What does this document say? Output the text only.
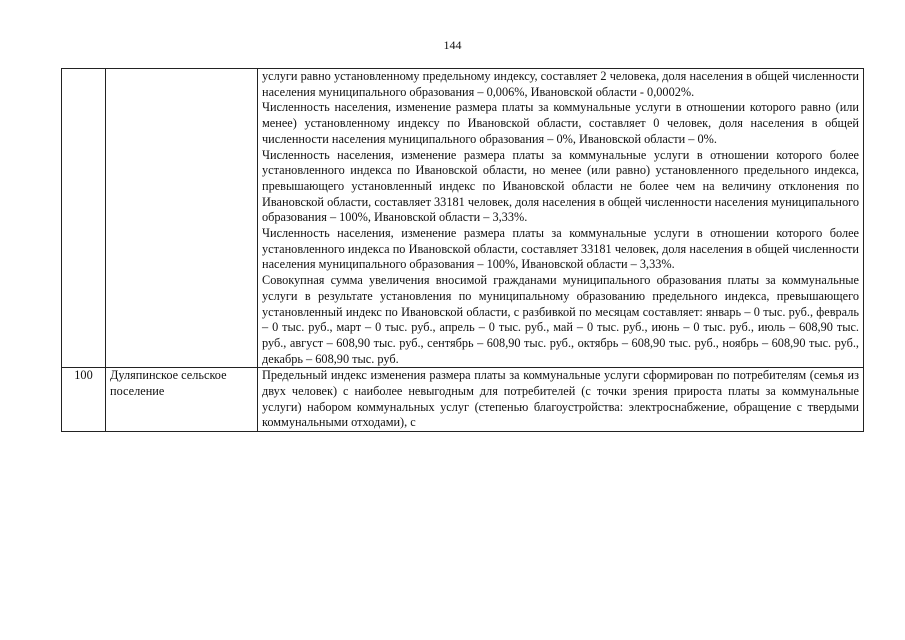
144

		услуги равно установленному предельному индексу, составляет 2 человека, доля населения в общей численности населения муниципального образования – 0,006%, Ивановской области - 0,0002%.

Численность населения, изменение размера платы за коммунальные услуги в отношении которого равно (или менее) установленному индексу по Ивановской области, составляет 0 человек, доля населения в общей численности населения муниципального образования – 0%, Ивановской области – 0%.

Численность населения, изменение размера платы за коммунальные услуги в отношении которого более установленного индекса по Ивановской области, но менее (или равно) установленного предельного индекса, превышающего установленный индекс по Ивановской области не более чем на величину отклонения по Ивановской области, составляет 33181 человек, доля населения в общей численности населения муниципального образования – 100%, Ивановской области – 3,33%.

Численность населения, изменение размера платы за коммунальные услуги в отношении которого более установленного индекса по Ивановской области, составляет 33181 человек, доля населения в общей численности населения муниципального образования – 100%, Ивановской области – 3,33%.

Совокупная сумма увеличения вносимой гражданами муниципального образования платы за коммунальные услуги в результате установления по муниципальному образованию предельного индекса, превышающего установленный индекс по Ивановской области, с разбивкой по месяцам составляет: январь – 0 тыс. руб., февраль – 0 тыс. руб., март – 0 тыс. руб., апрель – 0 тыс. руб., май – 0 тыс. руб., июнь – 0 тыс. руб., июль – 608,90 тыс. руб., август – 608,90 тыс. руб., сентябрь – 608,90 тыс. руб., октябрь – 608,90 тыс. руб., ноябрь – 608,90 тыс. руб., декабрь – 608,90 тыс. руб.

100	Дуляпинское сельское поселение	Предельный индекс изменения размера платы за коммунальные услуги сформирован по потребителям (семья из двух человек) с наиболее невыгодным для потребителей (с точки зрения прироста платы за коммунальные услуги) набором коммунальных услуг (степенью благоустройства: электроснабжение, обращение с твердыми коммунальными отходами), с
